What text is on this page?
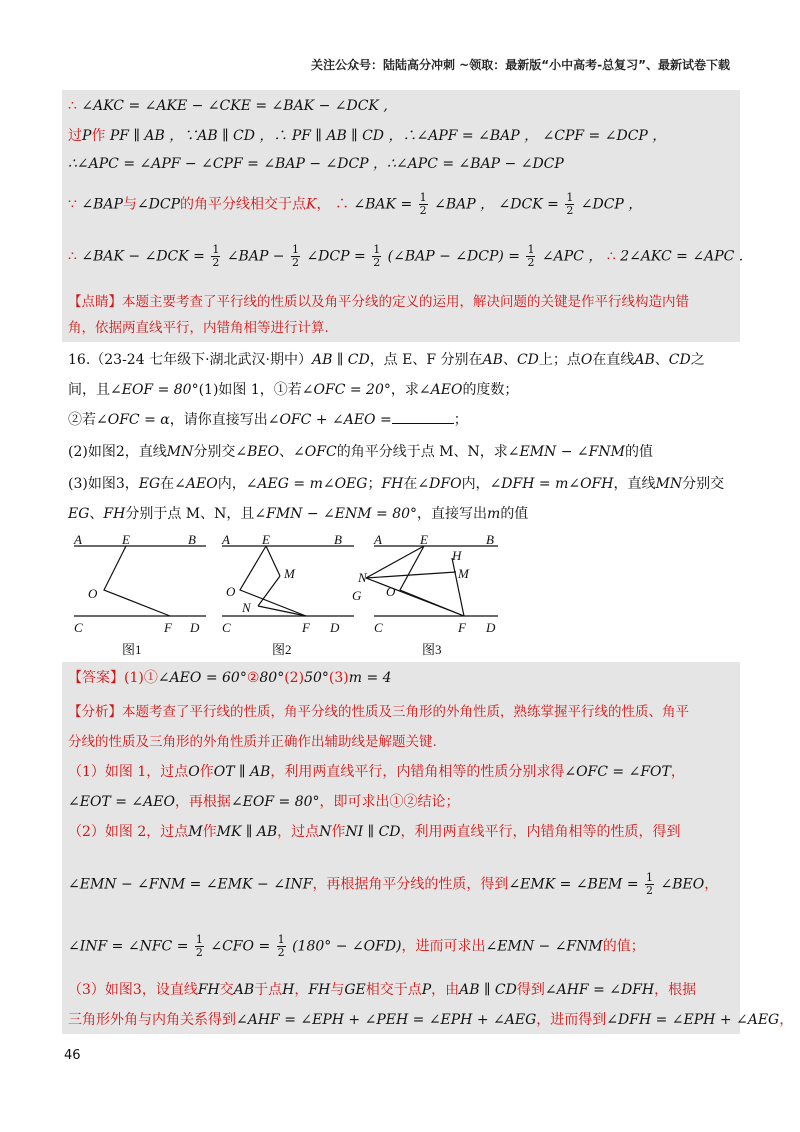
关注公众号：陆陆高分冲刺 ~领取：最新版“小中高考-总复习”、最新试卷下载
∴ ∠AKC = ∠AKE − ∠CKE = ∠BAK − ∠DCK ,
过P作 PF ∥ AB ，∵AB ∥ CD ，∴ PF ∥ AB ∥ CD ，∴∠APF = ∠BAP ， ∠CPF = ∠DCP ，
∴∠APC = ∠APF − ∠CPF = ∠BAP − ∠DCP ，∴∠APC = ∠BAP − ∠DCP
∵ ∠BAP与∠DCP的角平分线相交于点K， ∴ ∠BAK = $\frac{1}{2}$ ∠BAP ， ∠DCK = $\frac{1}{2}$ ∠DCP ，
∴ ∠BAK − ∠DCK = $\frac{1}{2}$ ∠BAP − $\frac{1}{2}$ ∠DCP = $\frac{1}{2}$ (∠BAP − ∠DCP) = $\frac{1}{2}$ ∠APC ， ∴ 2∠AKC = ∠APC .
【点睛】本题主要考查了平行线的性质以及角平分线的定义的运用，解决问题的关键是作平行线构造内错
角，依据两直线平行，内错角相等进行计算.
16.（23-24 七年级下·湖北武汉·期中）AB ∥ CD，点 E、F 分别在AB、CD上；点O在直线AB、CD之
间，且∠EOF = 80°(1)如图 1，①若∠OFC = 20°，求∠AEO的度数；
②若∠OFC = α，请你直接写出∠OFC + ∠AEO =	；
(2)如图2，直线MN分别交∠BEO、∠OFC的角平分线于点 M、N，求∠EMN − ∠FNM的值
(3)如图3，EG在∠AEO内，∠AEG = m∠OEG；FH在∠DFO内，∠DFH = m∠OFH，直线MN分别交
EG、FH分别于点 M、N，且∠FMN − ∠ENM = 80°，直接写出m的值
A	E	B
O
C	F D
图1
A E	B
M
O
N
C	F D
图2
A	E	B
H
M
N
G O
C	F D
图3
【答案】(1)①∠AEO = 60°②80°(2)50°(3)m = 4
【分析】本题考查了平行线的性质，角平分线的性质及三角形的外角性质，熟练掌握平行线的性质、角平
分线的性质及三角形的外角性质并正确作出辅助线是解题关键.
（1）如图 1，过点O作OT ∥ AB，利用两直线平行，内错角相等的性质分别求得∠OFC = ∠FOT，
∠EOT = ∠AEO，再根据∠EOF = 80°，即可求出①②结论；
（2）如图 2，过点M作MK ∥ AB，过点N作NI ∥ CD，利用两直线平行，内错角相等的性质，得到
∠EMN − ∠FNM = ∠EMK − ∠INF，再根据角平分线的性质，得到∠EMK = ∠BEM = $\frac{1}{2}$ ∠BEO，
∠INF = ∠NFC = $\frac{1}{2}$ ∠CFO = $\frac{1}{2} (180^\circ$ − ∠OFD)，进而可求出∠EMN − ∠FNM的值；
（3）如图3，设直线FH交AB于点H，FH与GE相交于点P，由AB ∥ CD得到∠AHF = ∠DFH，根据
三角形外角与内角关系得到∠AHF = ∠EPH + ∠PEH = ∠EPH + ∠AEG，进而得到∠DFH = ∠EPH + ∠AEG，
46
